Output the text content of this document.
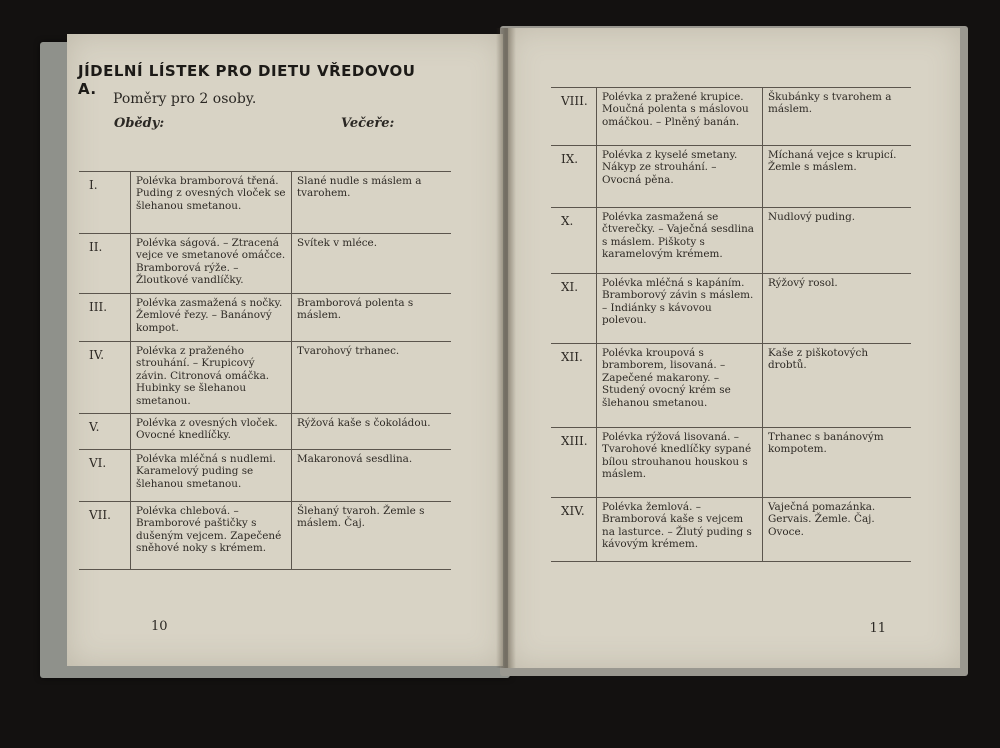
JÍDELNÍ LÍSTEK PRO DIETU VŘEDOVOU A.
Poměry pro 2 osoby.
Obědy:	Večeře:
I.	Polévka bramborová třená. Puding z ovesných vloček se šlehanou smetanou.	Slané nudle s máslem a tvarohem.
II.	Polévka ságová. – Ztracená vejce ve smetanové omáčce. Bramborová rýže. – Žloutkové vandlíčky.	Svítek v mléce.
III.	Polévka zasmažená s nočky. Žemlové řezy. – Banánový kompot.	Bramborová polenta s máslem.
IV.	Polévka z praženého strouhání. – Krupicový závin. Citronová omáčka. Hubinky se šlehanou smetanou.	Tvarohový trhanec.
V.	Polévka z ovesných vloček. Ovocné knedlíčky.	Rýžová kaše s čokoládou.
VI.	Polévka mléčná s nudlemi. Karamelový puding se šlehanou smetanou.	Makaronová sesdlina.
VII.	Polévka chlebová. – Bramborové paštičky s dušeným vejcem. Zapečené sněhové noky s krémem.	Šlehaný tvaroh. Žemle s máslem. Čaj.
10
VIII.	Polévka z pražené krupice. Moučná polenta s máslovou omáčkou. – Plněný banán.	Škubánky s tvarohem a máslem.
IX.	Polévka z kyselé smetany. Nákyp ze strouhání. – Ovocná pěna.	Míchaná vejce s krupicí. Žemle s máslem.
X.	Polévka zasmažená se čtverečky. – Vaječná sesdlina s máslem. Piškoty s karamelovým krémem.	Nudlový puding.
XI.	Polévka mléčná s kapáním. Bramborový závin s máslem. – Indiánky s kávovou polevou.	Rýžový rosol.
XII.	Polévka kroupová s bramborem, lisovaná. – Zapečené makarony. – Studený ovocný krém se šlehanou smetanou.	Kaše z piškotových drobtů.
XIII.	Polévka rýžová lisovaná. – Tvarohové knedlíčky sypané bílou strouhanou houskou s máslem.	Trhanec s banánovým kompotem.
XIV.	Polévka žemlová. – Bramborová kaše s vejcem na lasturce. – Žlutý puding s kávovým krémem.	Vaječná pomazánka. Gervais. Žemle. Čaj. Ovoce.
11
